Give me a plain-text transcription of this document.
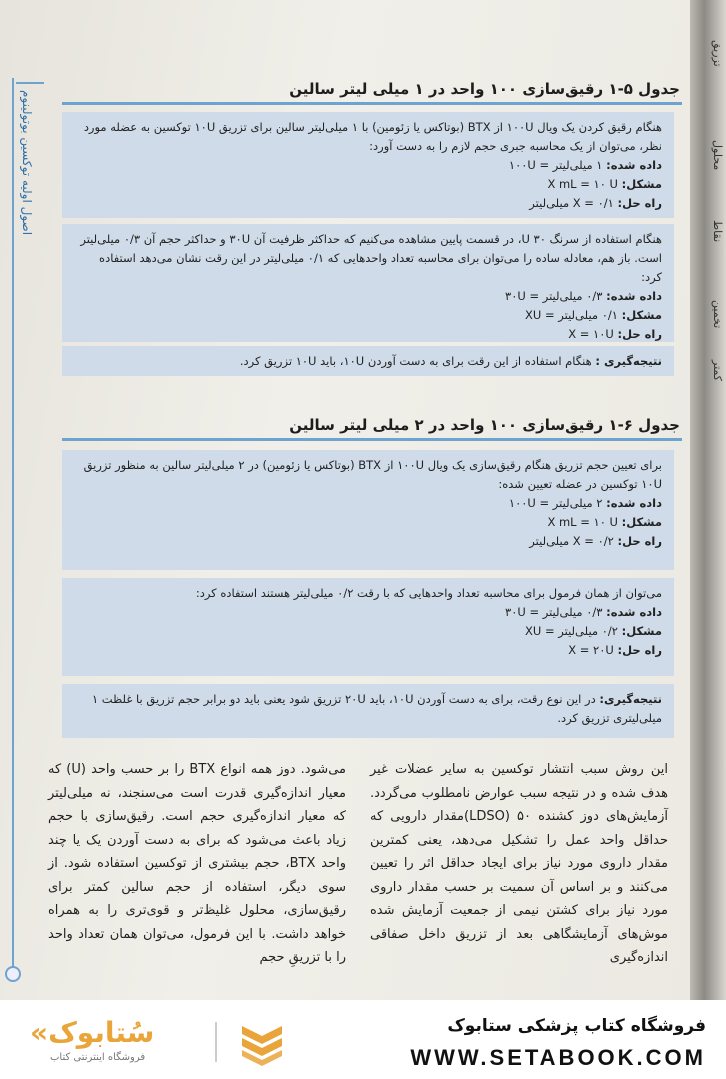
تزریق
محلول
نقاط
تخمین
کمتر
اصول اولیه توکسین بوتولینوم
جدول ۵-۱ رقیق‌سازی ۱۰۰ واحد در ۱ میلی لیتر سالین

هنگام رقیق کردن یک ویال ۱۰۰U از BTX (بوتاکس یا زئومین) با ۱ میلی‌لیتر سالین برای تزریق ۱۰U توکسین به عضله مورد نظر، می‌توان از یک محاسبه جبری حجم لازم را به دست آورد:

داده شده: ۱ میلی‌لیتر = ۱۰۰U
مشکل: X mL = ۱۰ U
راه حل: X = ۰/۱ میلی‌لیتر

هنگام استفاده از سرنگ ۳۰ U، در قسمت پایین مشاهده می‌کنیم که حداکثر ظرفیت آن ۳۰U و حداکثر حجم آن ۰/۳ میلی‌لیتر است. باز هم، معادله ساده را می‌توان برای محاسبه تعداد واحدهایی که ۰/۱ میلی‌لیتر در این رقت نشان می‌دهد استفاده کرد:

داده شده: ۰/۳ میلی‌لیتر = ۳۰U
مشکل: ۰/۱ میلی‌لیتر = XU
راه حل: X = ۱۰U
نتیجه‌گیری : هنگام استفاده از این رقت برای به دست آوردن ۱۰U، باید ۱۰U تزریق کرد.
جدول ۶-۱ رقیق‌سازی ۱۰۰ واحد در ۲ میلی لیتر سالین

برای تعیین حجم تزریق هنگام رقیق‌سازی یک ویال ۱۰۰U از BTX (بوتاکس یا زئومین) در ۲ میلی‌لیتر سالین به منظور تزریق ۱۰U توکسین در عضله تعیین شده:

داده شده: ۲ میلی‌لیتر = ۱۰۰U
مشکل: X mL = ۱۰ U
راه حل: X = ۰/۲ میلی‌لیتر

می‌توان از همان فرمول برای محاسبه تعداد واحدهایی که با رقت ۰/۲ میلی‌لیتر هستند استفاده کرد:

داده شده: ۰/۳ میلی‌لیتر = ۳۰U
مشکل: ۰/۲ میلی‌لیتر = XU
راه حل: X = ۲۰U
نتیجه‌گیری: در این نوع رقت، برای به دست آوردن ۱۰U، باید ۲۰U تزریق شود یعنی باید دو برابر حجم تزریق با غلظت ۱ میلی‌لیتری تزریق کرد.
این روش سبب انتشار توکسین به سایر عضلات غیر هدف شده و در نتیجه سبب عوارض نامطلوب می‌گردد. آزمایش‌های دوز کشنده ۵۰ (LDSO)مقدار دارویی که حداقل واحد عمل را تشکیل می‌دهد، یعنی کمترین مقدار داروی مورد نیاز برای ایجاد حداقل اثر را تعیین می‌کنند و بر اساس آن سمیت بر حسب مقدار داروی مورد نیاز برای کشتن نیمی از جمعیت آزمایش شده موش‌های آزمایشگاهی بعد از تزریق داخل صفاقی اندازه‌گیری
می‌شود. دوز همه انواع BTX را بر حسب واحد (U) که معیار اندازه‌گیری قدرت است می‌سنجند، نه میلی‌لیتر که معیار اندازه‌گیری حجم است. رقیق‌سازی با حجم زیاد باعث می‌شود که برای به دست آوردن یک یا چند واحد BTX، حجم بیشتری از توکسین استفاده شود. از سوی دیگر، استفاده از حجم سالین کمتر برای رقیق‌سازی، محلول غلیظ‌تر و قوی‌تری را به همراه خواهد داشت. با این فرمول، می‌توان همان تعداد واحد را با تزریقِ حجم
فروشگاه کتاب پزشکی ستابوک
WWW.SETABOOK.COM
«سُتابوک
فروشگاه اینترنتی کتاب
